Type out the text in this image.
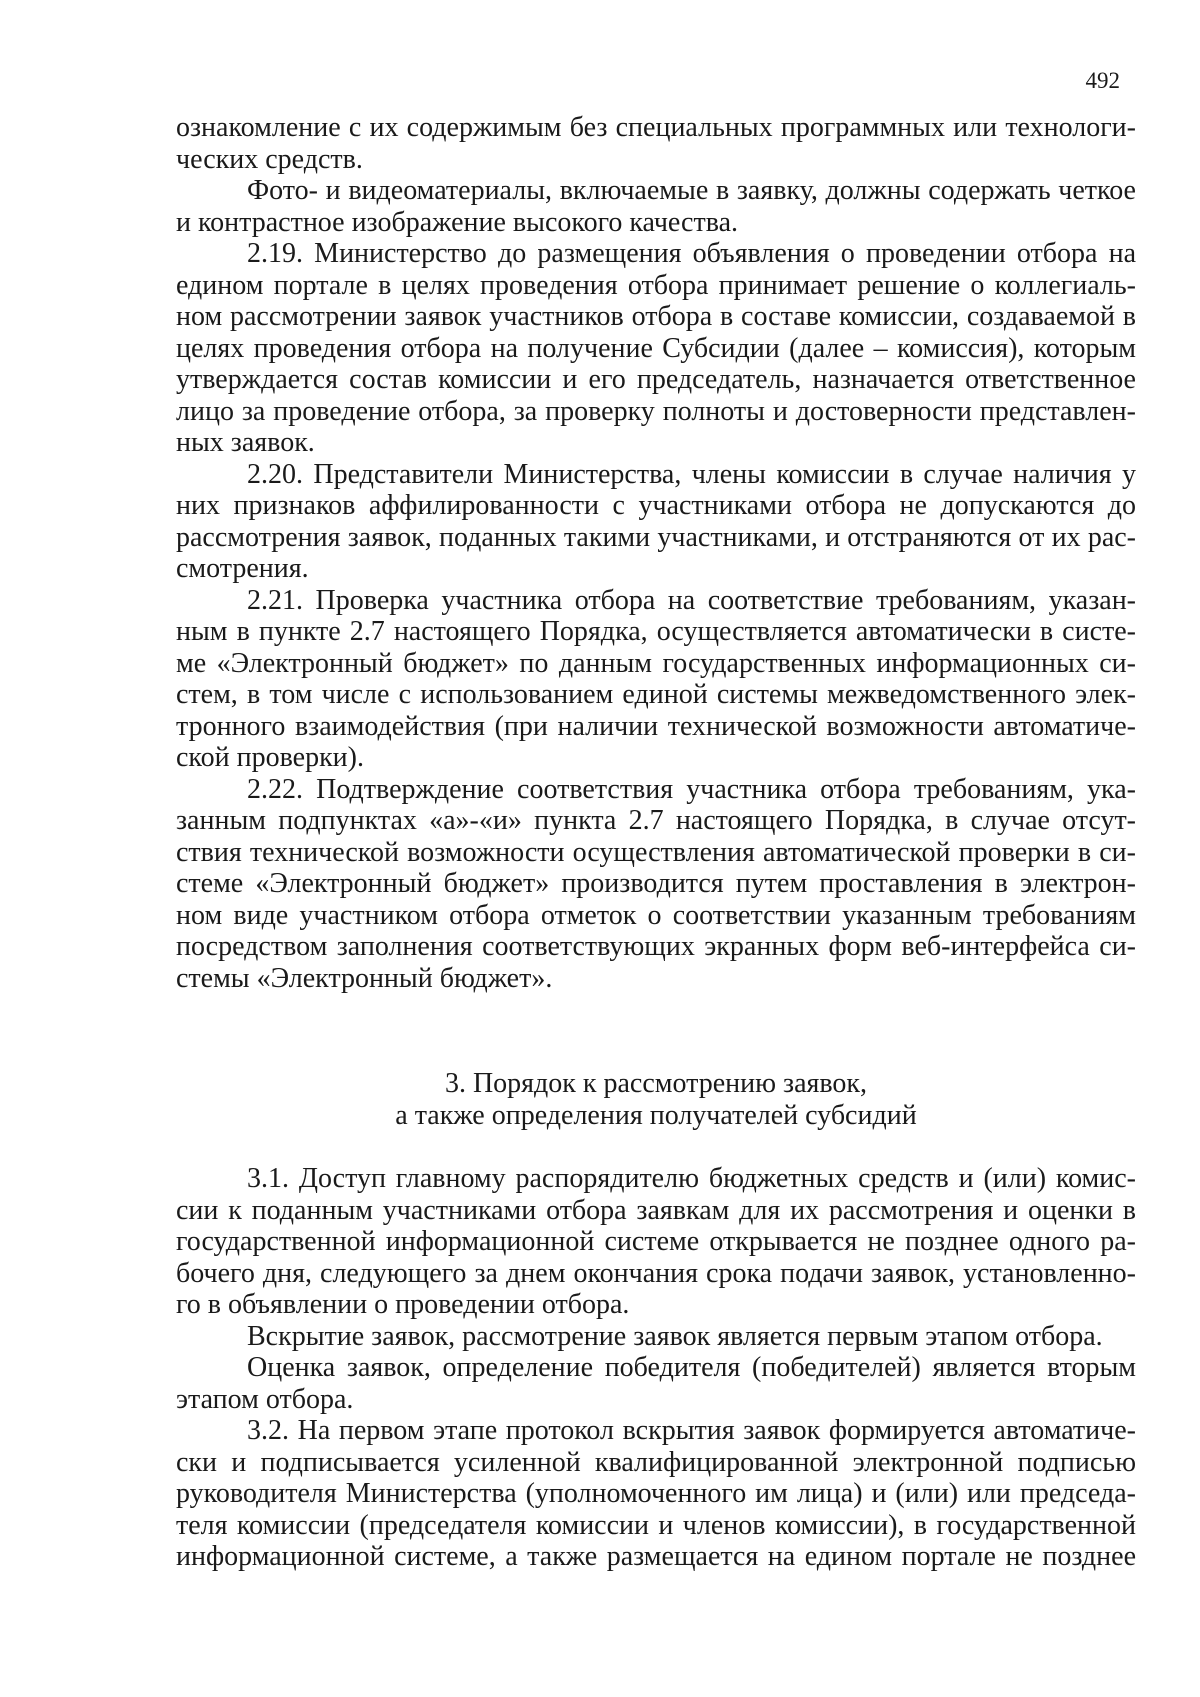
492
ознакомление с их содержимым без специальных программных или технологи-
ческих средств.
Фото- и видеоматериалы, включаемые в заявку, должны содержать четкое
и контрастное изображение высокого качества.
2.19. Министерство до размещения объявления о проведении отбора на
едином портале в целях проведения отбора принимает решение о коллегиаль-
ном рассмотрении заявок участников отбора в составе комиссии, создаваемой в
целях проведения отбора на получение Субсидии (далее – комиссия), которым
утверждается состав комиссии и его председатель, назначается ответственное
лицо за проведение отбора, за проверку полноты и достоверности представлен-
ных заявок.
2.20. Представители Министерства, члены комиссии в случае наличия у
них признаков аффилированности с участниками отбора не допускаются до
рассмотрения заявок, поданных такими участниками, и отстраняются от их рас-
смотрения.
2.21. Проверка участника отбора на соответствие требованиям, указан-
ным в пункте 2.7 настоящего Порядка, осуществляется автоматически в систе-
ме «Электронный бюджет» по данным государственных информационных си-
стем, в том числе с использованием единой системы межведомственного элек-
тронного взаимодействия (при наличии технической возможности автоматиче-
ской проверки).
2.22. Подтверждение соответствия участника отбора требованиям, ука-
занным подпунктах «а»-«и» пункта 2.7 настоящего Порядка, в случае отсут-
ствия технической возможности осуществления автоматической проверки в си-
стеме «Электронный бюджет» производится путем проставления в электрон-
ном виде участником отбора отметок о соответствии указанным требованиям
посредством заполнения соответствующих экранных форм веб-интерфейса си-
стемы «Электронный бюджет».
3. Порядок к рассмотрению заявок,
а также определения получателей субсидий
3.1. Доступ главному распорядителю бюджетных средств и (или) комис-
сии к поданным участниками отбора заявкам для их рассмотрения и оценки в
государственной информационной системе открывается не позднее одного ра-
бочего дня, следующего за днем окончания срока подачи заявок, установленно-
го в объявлении о проведении отбора.
Вскрытие заявок, рассмотрение заявок является первым этапом отбора.
Оценка заявок, определение победителя (победителей) является вторым
этапом отбора.
3.2. На первом этапе протокол вскрытия заявок формируется автоматиче-
ски и подписывается усиленной квалифицированной электронной подписью
руководителя Министерства (уполномоченного им лица) и (или) или председа-
теля комиссии (председателя комиссии и членов комиссии), в государственной
информационной системе, а также размещается на едином портале не позднее
